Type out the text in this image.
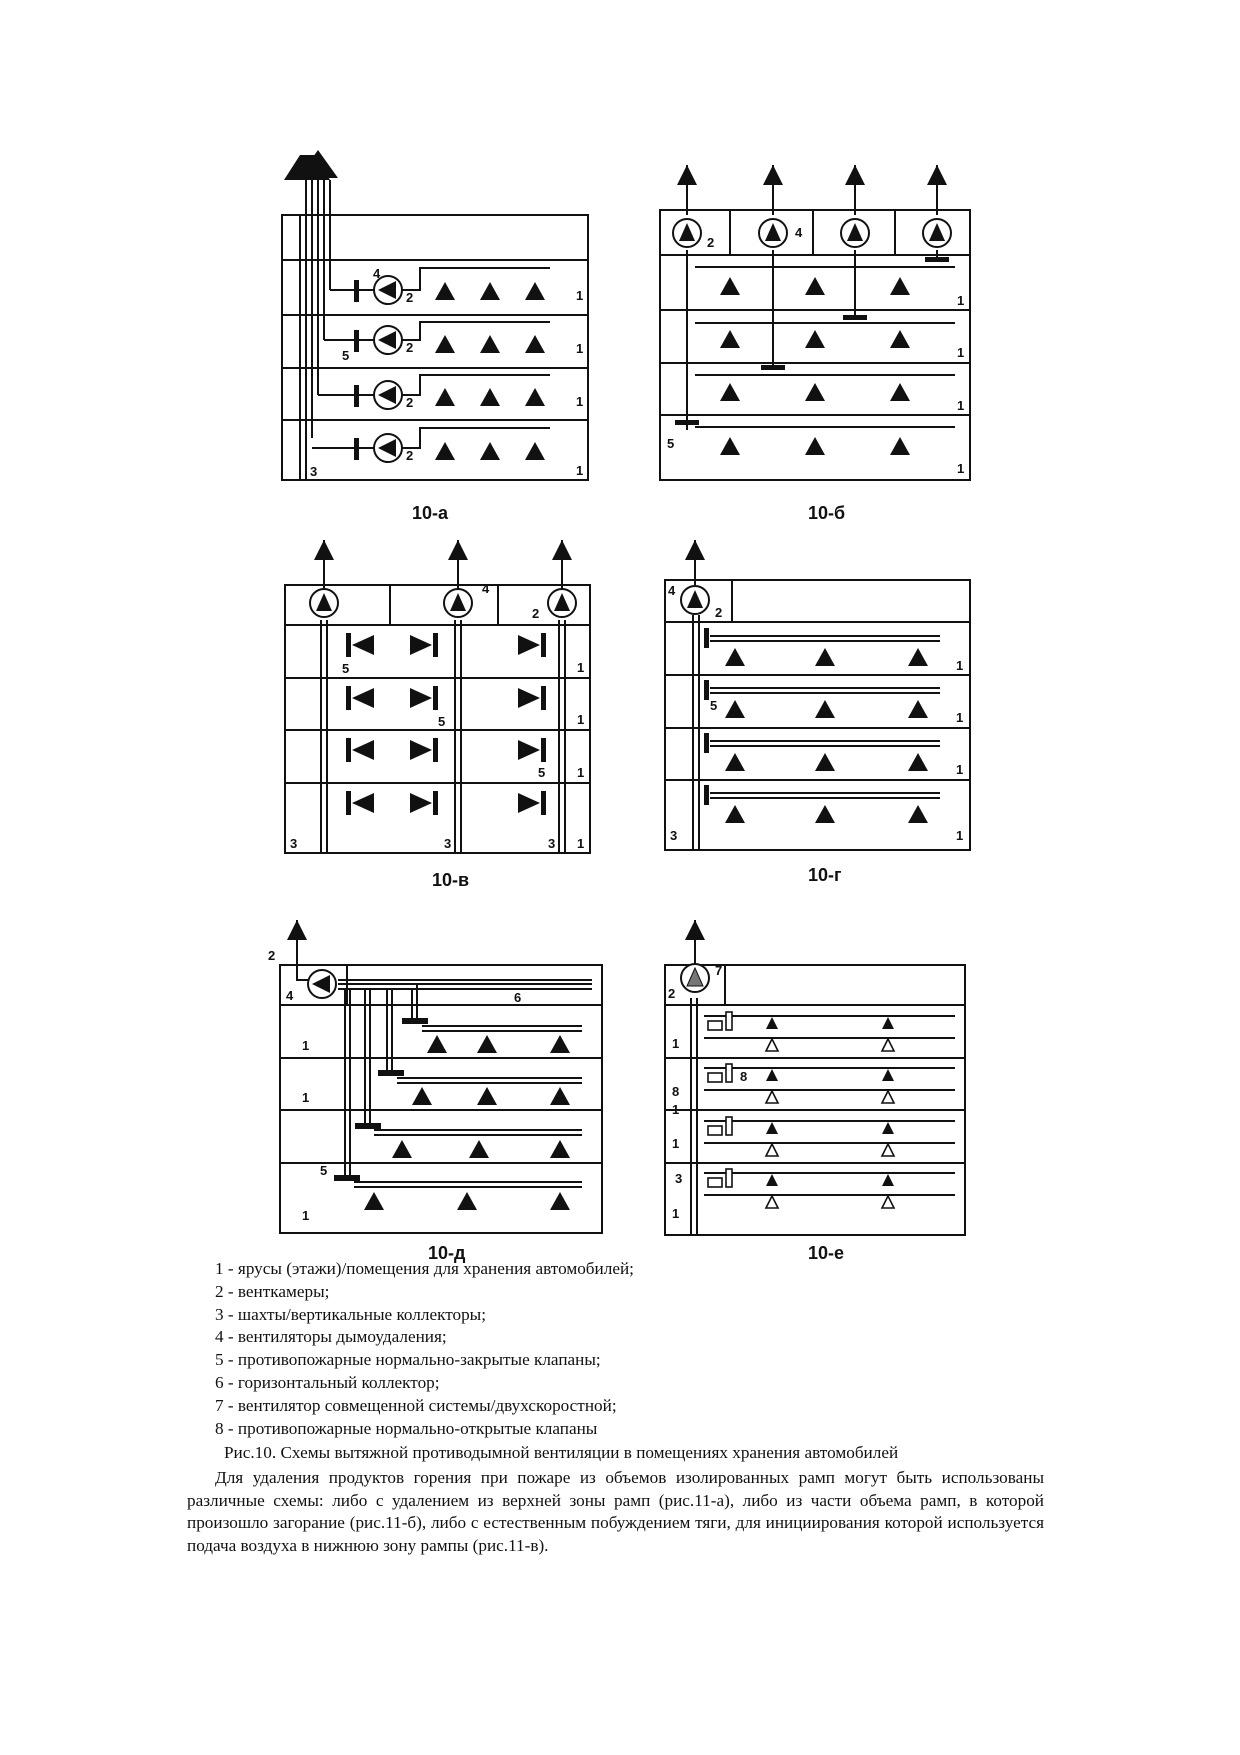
4
2	1
5
2	1
2	1
3
2
1
10-а
2
4
1
1
1
5
1
10-б
4
2
5	1
5	1
5 1
3	3	3 1
10-в
4
2
1
5
1
1
3	1
10-г
2
4	6
1
1
5
1
10-д
7
2
1
8
8
1
3
1
1
10-е
1 - ярусы (этажи)/помещения для хранения автомобилей;
2 - венткамеры;
3 - шахты/вертикальные коллекторы;
4 - вентиляторы дымоудаления;
5 - противопожарные нормально-закрытые клапаны;
6 - горизонтальный коллектор;
7 - вентилятор совмещенной системы/двухскоростной;
8 - противопожарные нормально-открытые клапаны
Рис.10. Схемы вытяжной противодымной вентиляции в помещениях хранения автомобилей
Для удаления продуктов горения при пожаре из объемов изолированных рамп могут быть использованы различные схемы: либо с удалением из верхней зоны рамп (рис.11-а), либо из части объема рамп, в которой произошло загорание (рис.11-б), либо с естественным побуждением тяги, для инициирования которой используется подача воздуха в нижнюю зону рампы (рис.11-в).
